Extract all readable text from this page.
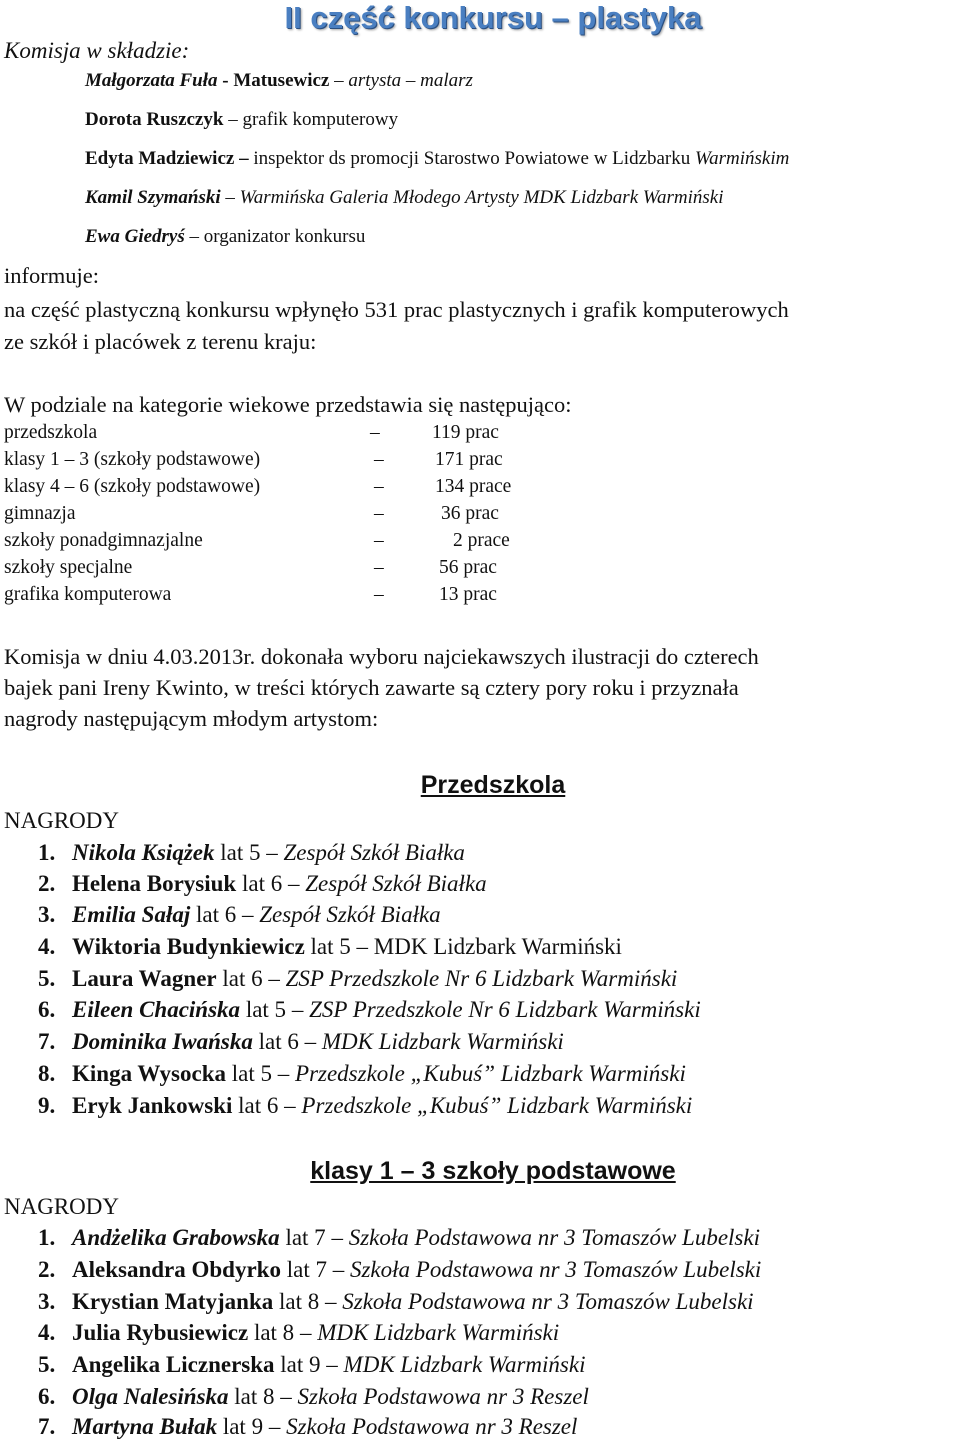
II część konkursu – plastyka
Komisja w składzie:
Małgorzata Fuła - Matusewicz – artysta – malarz
Dorota Ruszczyk – grafik komputerowy
Edyta Madziewicz – inspektor ds promocji Starostwo Powiatowe w Lidzbarku Warmińskim
Kamil Szymański – Warmińska Galeria Młodego Artysty MDK Lidzbark Warmiński
Ewa Giedryś – organizator konkursu
informuje:
na część plastyczną konkursu wpłynęło 531 prac plastycznych i grafik komputerowych
ze szkół i placówek z terenu kraju:
W podziale na kategorie wiekowe przedstawia się następująco:
przedszkola	–	119 prac
klasy 1 – 3 (szkoły podstawowe)	–	171 prac
klasy 4 – 6 (szkoły podstawowe)	–	134 prace
gimnazja	–	36 prac
szkoły ponadgimnazjalne	–	2 prace
szkoły specjalne	–	56 prac
grafika komputerowa	–	13 prac
Komisja w dniu 4.03.2013r. dokonała wyboru najciekawszych ilustracji do czterech
bajek pani Ireny Kwinto, w treści których zawarte są cztery pory roku i przyznała
nagrody następującym młodym artystom:
Przedszkola
NAGRODY
1. Nikola Książek lat 5 – Zespół Szkół Białka
2. Helena Borysiuk lat 6 – Zespół Szkół Białka
3. Emilia Sałaj lat 6 – Zespół Szkół Białka
4. Wiktoria Budynkiewicz lat 5 – MDK Lidzbark Warmiński
5. Laura Wagner lat 6 – ZSP Przedszkole Nr 6 Lidzbark Warmiński
6. Eileen Chacińska lat 5 – ZSP Przedszkole Nr 6 Lidzbark Warmiński
7. Dominika Iwańska lat 6 – MDK Lidzbark Warmiński
8. Kinga Wysocka lat 5 – Przedszkole „Kubuś” Lidzbark Warmiński
9. Eryk Jankowski lat 6 – Przedszkole „Kubuś” Lidzbark Warmiński
klasy 1 – 3 szkoły podstawowe
NAGRODY
1. Andżelika Grabowska lat 7 – Szkoła Podstawowa nr 3 Tomaszów Lubelski
2. Aleksandra Obdyrko lat 7 – Szkoła Podstawowa nr 3 Tomaszów Lubelski
3. Krystian Matyjanka lat 8 – Szkoła Podstawowa nr 3 Tomaszów Lubelski
4. Julia Rybusiewicz lat 8 – MDK Lidzbark Warmiński
5. Angelika Licznerska lat 9 – MDK Lidzbark Warmiński
6. Olga Nalesińska lat 8 – Szkoła Podstawowa nr 3 Reszel
7. Martyna Bułak lat 9 – Szkoła Podstawowa nr 3 Reszel
